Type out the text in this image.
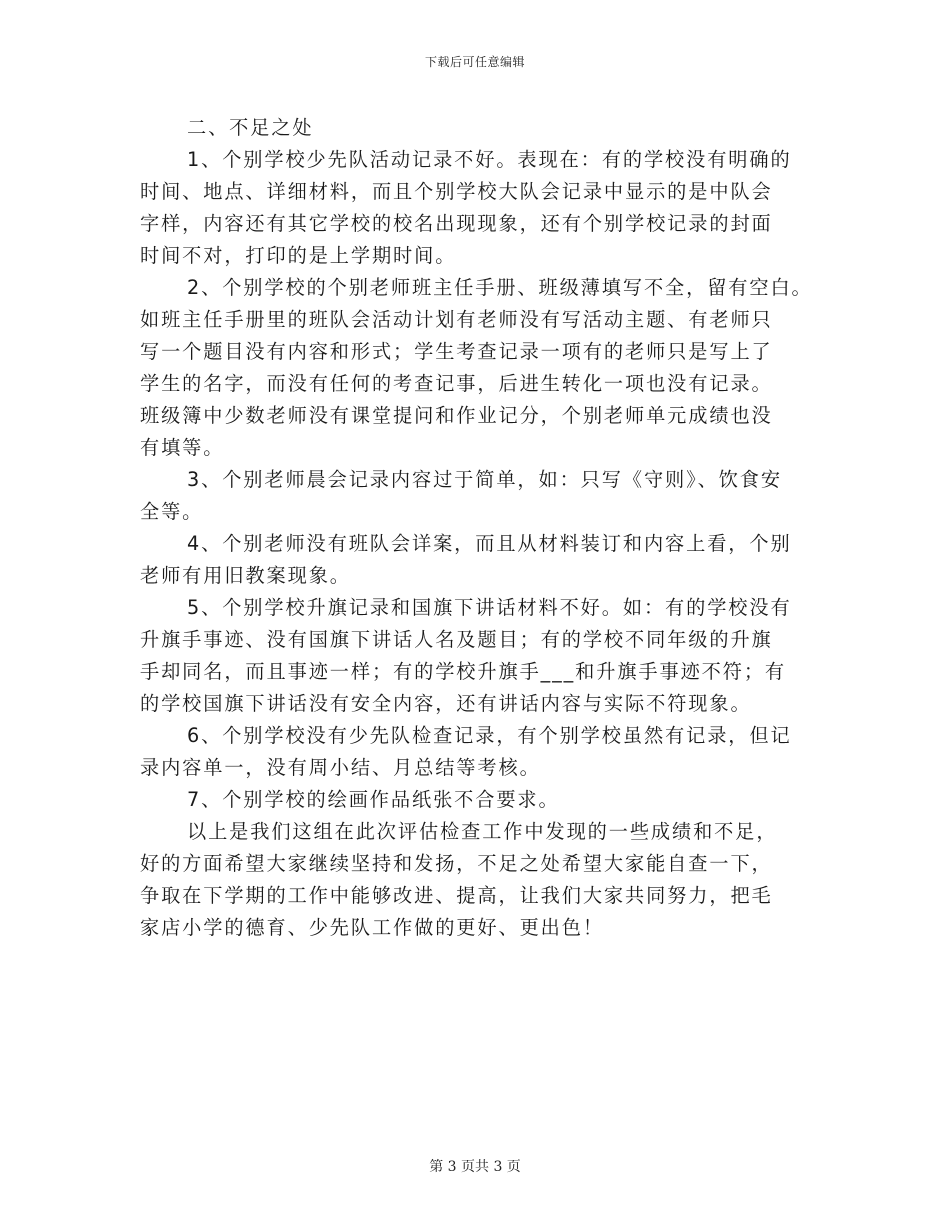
下载后可任意编辑
二、不足之处
1、个别学校少先队活动记录不好。表现在：有的学校没有明确的
时间、地点、详细材料，而且个别学校大队会记录中显示的是中队会
字样，内容还有其它学校的校名出现现象，还有个别学校记录的封面
时间不对，打印的是上学期时间。
2、个别学校的个别老师班主任手册、班级薄填写不全，留有空白。
如班主任手册里的班队会活动计划有老师没有写活动主题、有老师只
写一个题目没有内容和形式；学生考查记录一项有的老师只是写上了
学生的名字，而没有任何的考查记事，后进生转化一项也没有记录。
班级簿中少数老师没有课堂提问和作业记分，个别老师单元成绩也没
有填等。
3、个别老师晨会记录内容过于简单，如：只写《守则》、饮食安
全等。
4、个别老师没有班队会详案，而且从材料装订和内容上看，个别
老师有用旧教案现象。
5、个别学校升旗记录和国旗下讲话材料不好。如：有的学校没有
升旗手事迹、没有国旗下讲话人名及题目；有的学校不同年级的升旗
手却同名，而且事迹一样；有的学校升旗手___和升旗手事迹不符；有
的学校国旗下讲话没有安全内容，还有讲话内容与实际不符现象。
6、个别学校没有少先队检查记录，有个别学校虽然有记录，但记
录内容单一，没有周小结、月总结等考核。
7、个别学校的绘画作品纸张不合要求。
以上是我们这组在此次评估检查工作中发现的一些成绩和不足，
好的方面希望大家继续坚持和发扬，不足之处希望大家能自查一下，
争取在下学期的工作中能够改进、提高，让我们大家共同努力，把毛
家店小学的德育、少先队工作做的更好、更出色！
第 3 页共 3 页
